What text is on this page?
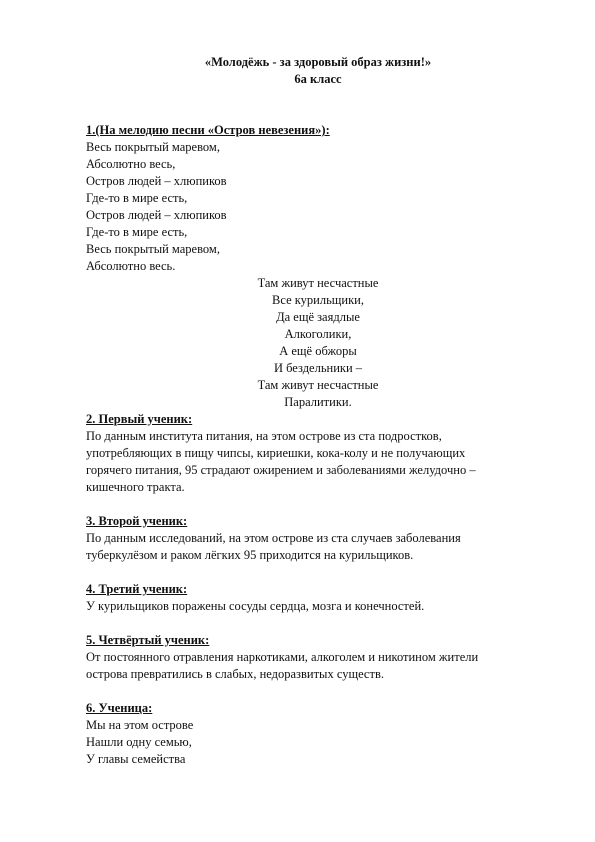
«Молодёжь - за здоровый образ жизни!»

6а класс

1.(На мелодию песни «Остров невезения»):

Весь покрытый маревом,

Абсолютно весь,

Остров людей – хлюпиков

Где-то в мире есть,

Остров людей – хлюпиков

Где-то в мире есть,

Весь покрытый маревом,

Абсолютно весь.

Там живут несчастные

Все курильщики,

Да ещё заядлые

Алкоголики,

А ещё обжоры

И бездельники –

Там живут несчастные

Паралитики.

2. Первый ученик:

По данным института питания, на этом острове из ста подростков,

употребляющих в пищу чипсы, кириешки, кока-колу и не получающих

горячего питания, 95 страдают ожирением и заболеваниями желудочно –

кишечного тракта.

3. Второй ученик:

По данным исследований, на этом острове из ста случаев заболевания

туберкулёзом и раком лёгких 95 приходится на курильщиков.

4. Третий ученик:

У курильщиков поражены сосуды сердца, мозга и конечностей.

5. Четвёртый ученик:

От постоянного отравления наркотиками, алкоголем и никотином жители

острова превратились в слабых, недоразвитых существ.

6. Ученица:

Мы на этом острове

Нашли одну семью,

У главы семейства
